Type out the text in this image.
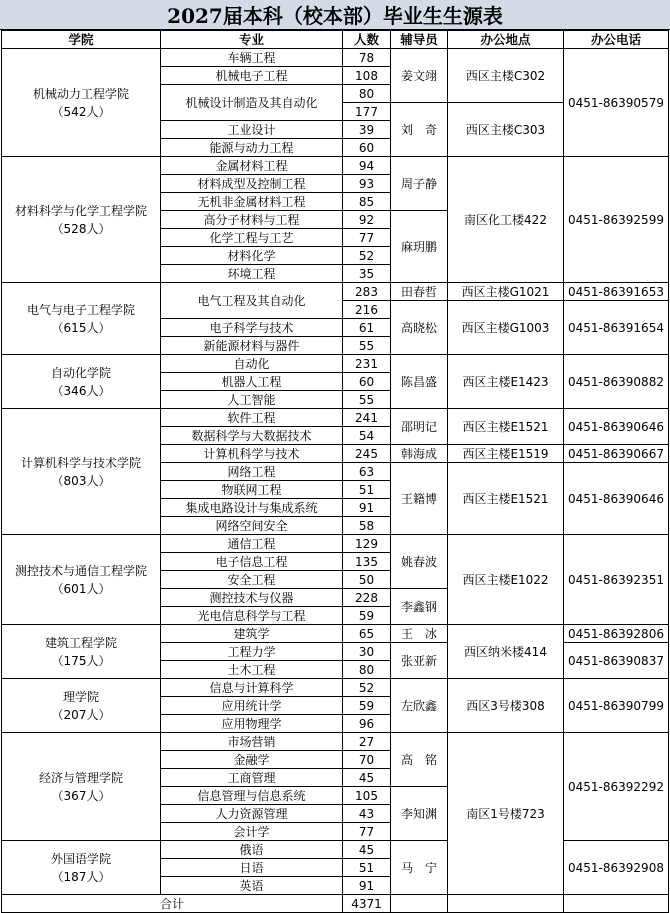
2027届本科（校本部）毕业生生源表
学院	专业	人数	辅导员	办公地点	办公电话

机械动力工程学院
（542人）	车辆工程	78	姜文翊	西区主楼C302	0451-86390579
	机械电子工程	108			
	机械设计制造及其自动化	80			
		177	刘　奇	西区主楼C303	
	工业设计	39			
	能源与动力工程	60			

材料科学与化学工程学院
（528人）	金属材料工程	94	周子静	南区化工楼422	0451-86392599
	材料成型及控制工程	93			
	无机非金属材料工程	85			
	高分子材料与工程	92	麻玥鹏		
	化学工程与工艺	77			
	材料化学	52			
	环境工程	35			

电气与电子工程学院
（615人）	电气工程及其自动化	283	田春哲	西区主楼G1021	0451-86391653
		216	高晓松	西区主楼G1003	0451-86391654
	电子科学与技术	61			
	新能源材料与器件	55			

自动化学院
（346人）	自动化	231	陈昌盛	西区主楼E1423	0451-86390882
	机器人工程	60			
	人工智能	55			

计算机科学与技术学院
（803人）	软件工程	241	邵明记	西区主楼E1521	0451-86390646
	数据科学与大数据技术	54			
	计算机科学与技术	245	韩海成	西区主楼E1519	0451-86390667
	网络工程	63	王籍博	西区主楼E1521	0451-86390646
	物联网工程	51			
	集成电路设计与集成系统	91			
	网络空间安全	58			

测控技术与通信工程学院
（601人）	通信工程	129	姚春波	西区主楼E1022	0451-86392351
	电子信息工程	135			
	安全工程	50			
	测控技术与仪器	228	李鑫钢		
	光电信息科学与工程	59			

建筑工程学院
（175人）	建筑学	65	王　冰	西区纳米楼414	0451-86392806
	工程力学	30	张亚新		0451-86390837
	土木工程	80			

理学院
（207人）	信息与计算科学	52	左欣鑫	西区3号楼308	0451-86390799
	应用统计学	59			
	应用物理学	96			

经济与管理学院
（367人）	市场营销	27	高　铭	南区1号楼723	0451-86392292
	金融学	70			
	工商管理	45			
	信息管理与信息系统	105	李知渊		
	人力资源管理	43			
	会计学	77			

外国语学院
（187人）	俄语	45	马　宁		0451-86392908
	日语	51			
	英语	91			
合计		4371			
